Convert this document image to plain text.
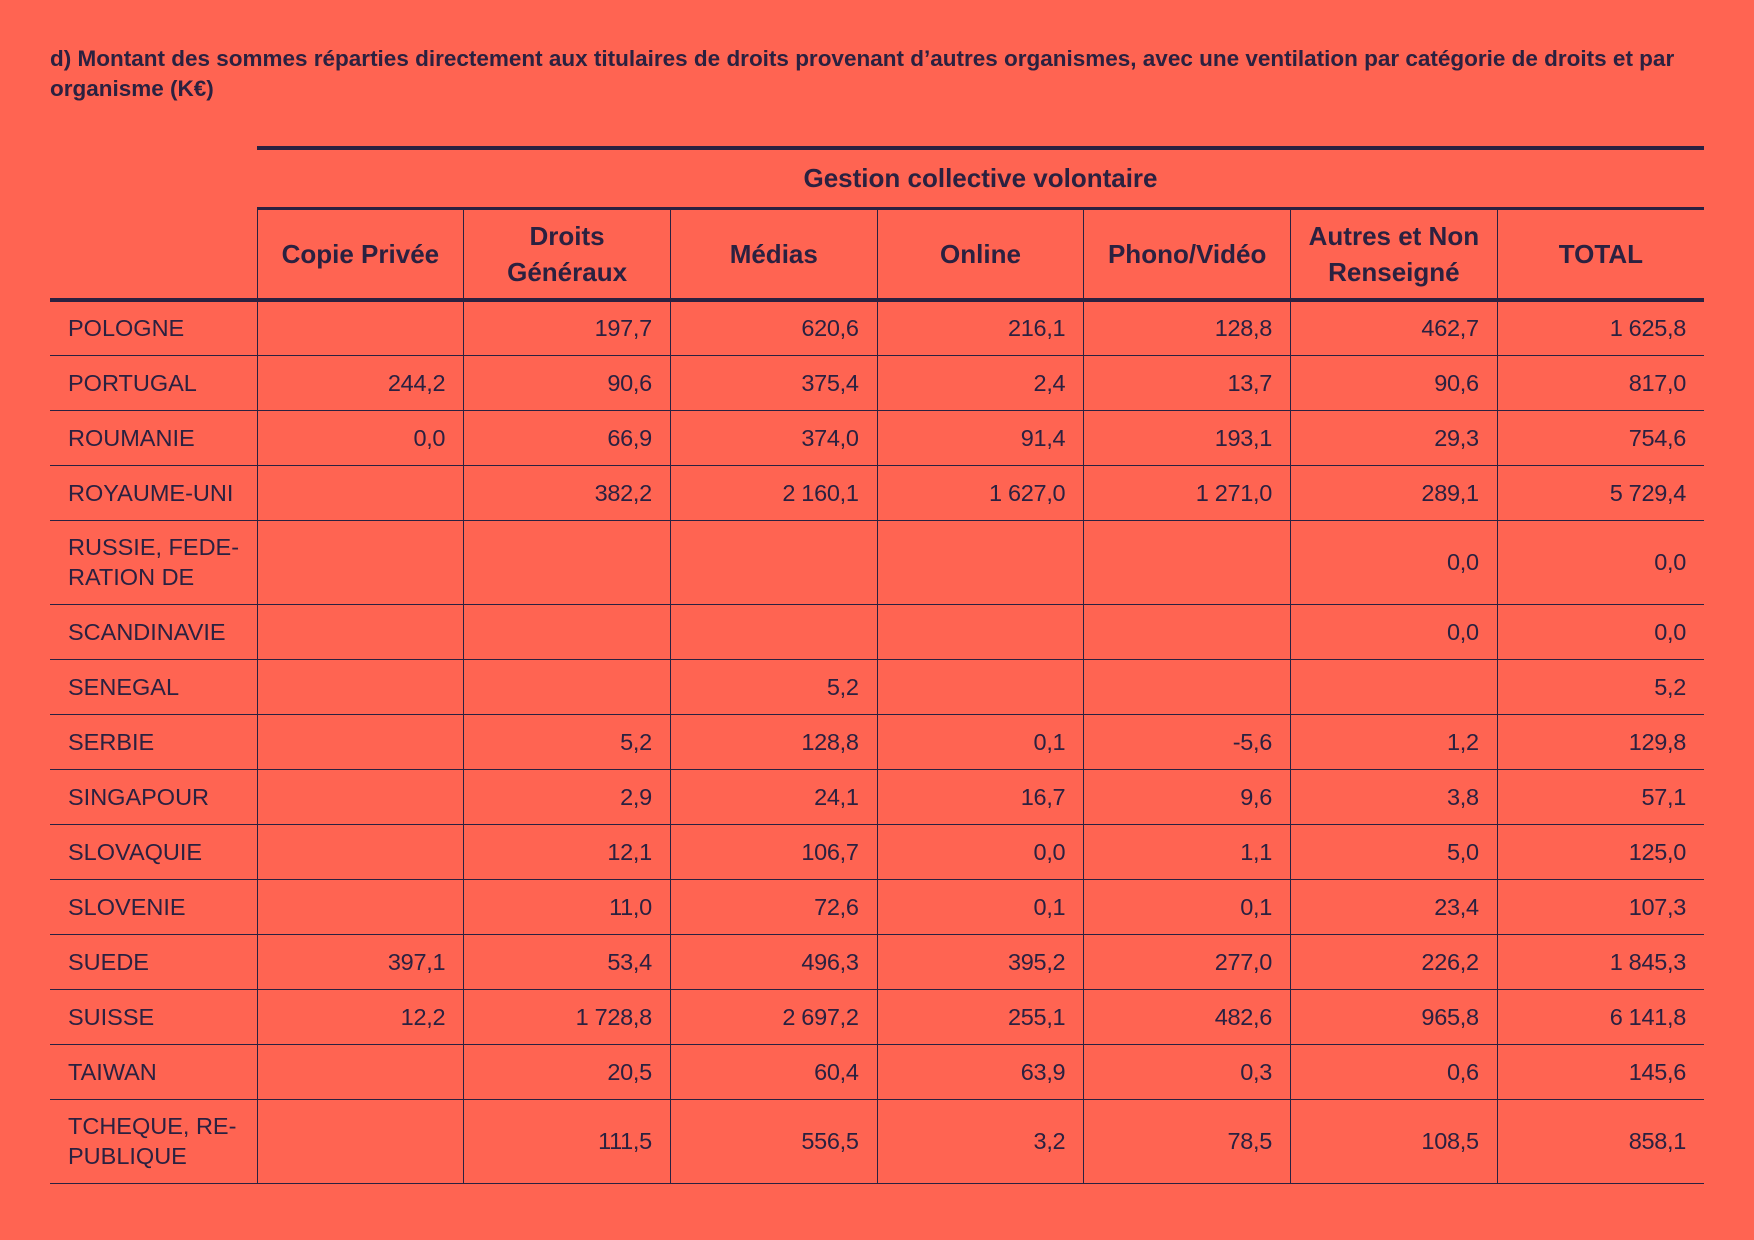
d) Montant des sommes réparties directement aux titulaires de droits provenant d’autres organismes, avec une ventilation par catégorie de droits et par organisme (K€)
	Gestion collective volontaire						
	Copie Privée	Droits Généraux	Médias	Online	Phono/Vidéo	Autres et Non Renseigné	TOTAL
POLOGNE		197,7	620,6	216,1	128,8	462,7	1 625,8
PORTUGAL	244,2	90,6	375,4	2,4	13,7	90,6	817,0
ROUMANIE	0,0	66,9	374,0	91,4	193,1	29,3	754,6
ROYAUME-UNI		382,2	2 160,1	1 627,0	1 271,0	289,1	5 729,4
RUSSIE, FEDE-RATION DE						0,0	0,0
SCANDINAVIE						0,0	0,0
SENEGAL			5,2				5,2
SERBIE		5,2	128,8	0,1	-5,6	1,2	129,8
SINGAPOUR		2,9	24,1	16,7	9,6	3,8	57,1
SLOVAQUIE		12,1	106,7	0,0	1,1	5,0	125,0
SLOVENIE		11,0	72,6	0,1	0,1	23,4	107,3
SUEDE	397,1	53,4	496,3	395,2	277,0	226,2	1 845,3
SUISSE	12,2	1 728,8	2 697,2	255,1	482,6	965,8	6 141,8
TAIWAN		20,5	60,4	63,9	0,3	0,6	145,6
TCHEQUE, RE-PUBLIQUE		111,5	556,5	3,2	78,5	108,5	858,1
